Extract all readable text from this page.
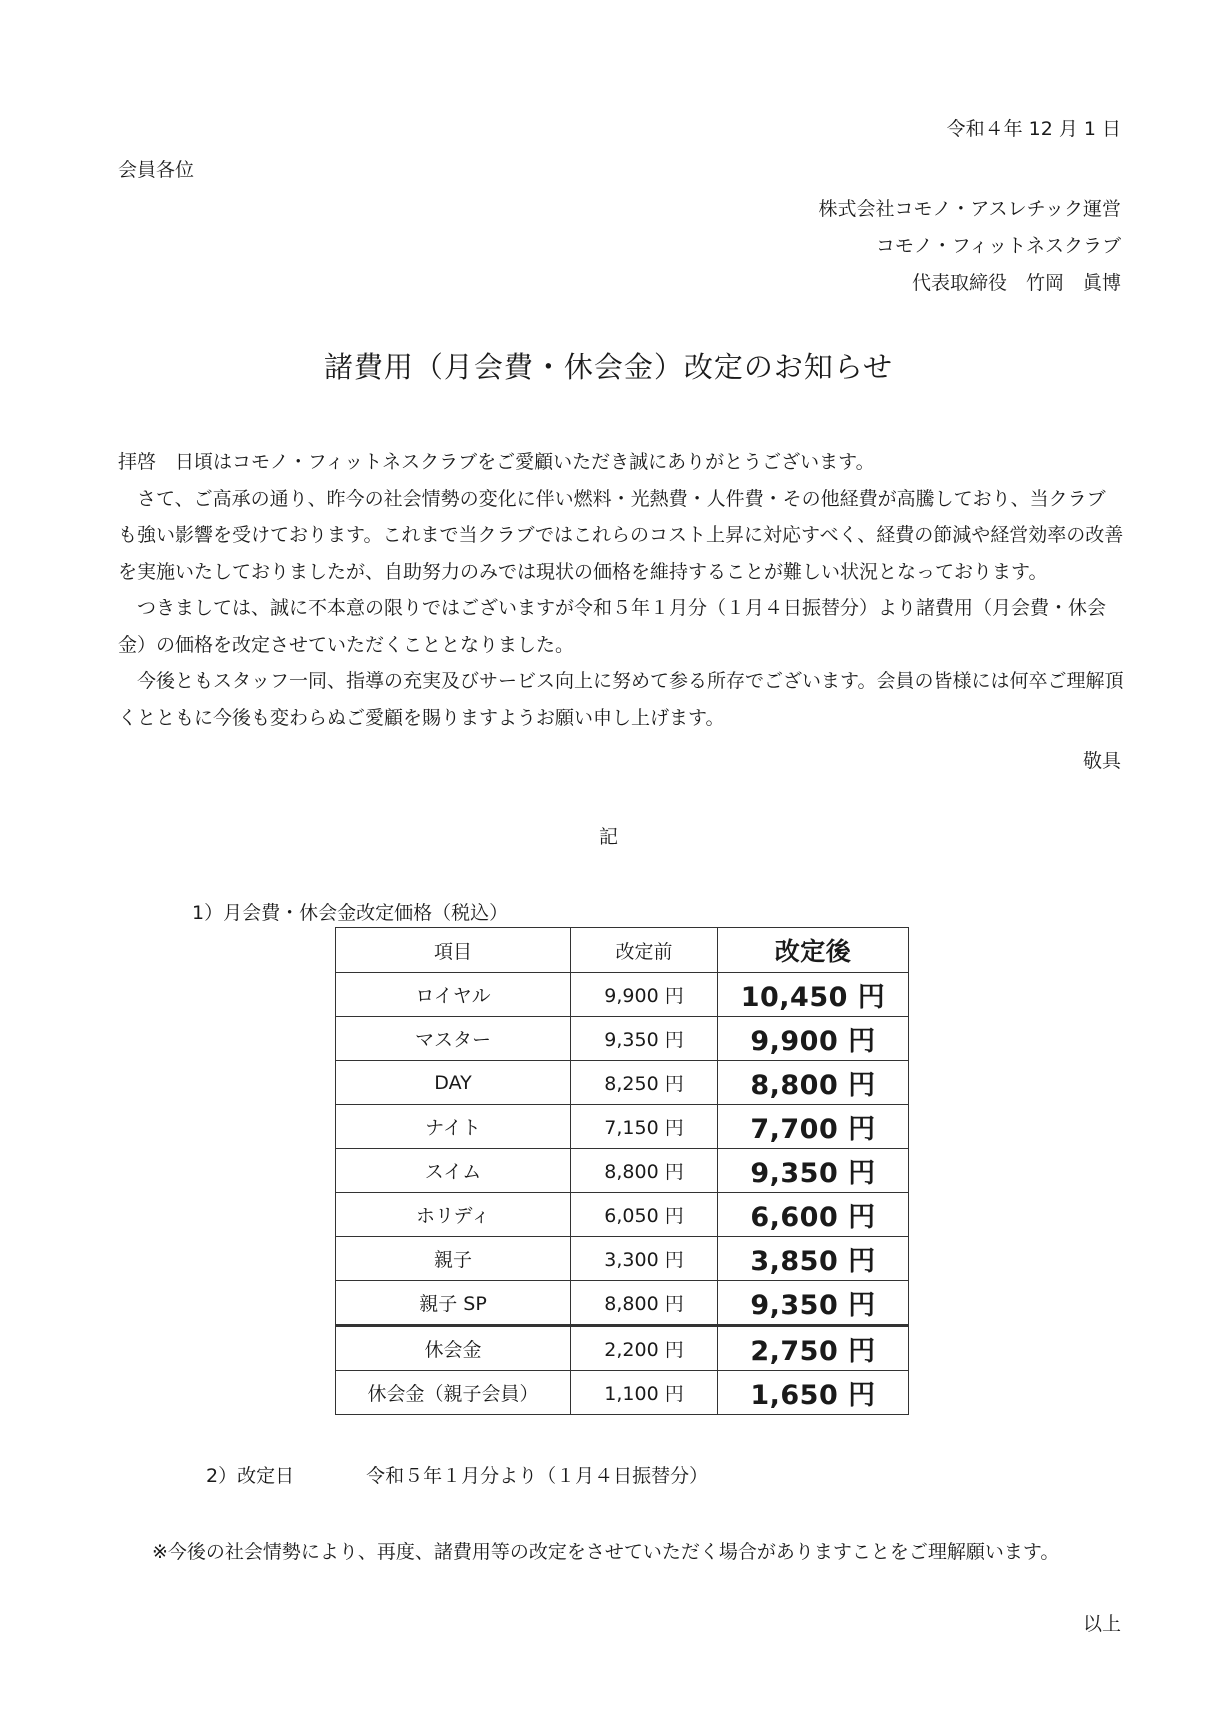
令和４年 12 月 1 日
会員各位
株式会社コモノ・アスレチック運営
コモノ・フィットネスクラブ
代表取締役　竹岡　眞博
諸費用（月会費・休会金）改定のお知らせ

拝啓　日頃はコモノ・フィットネスクラブをご愛顧いただき誠にありがとうございます。

　さて、ご高承の通り、昨今の社会情勢の変化に伴い燃料・光熱費・人件費・その他経費が高騰しており、当クラブも強い影響を受けております。これまで当クラブではこれらのコスト上昇に対応すべく、経費の節減や経営効率の改善を実施いたしておりましたが、自助努力のみでは現状の価格を維持することが難しい状況となっております。

　つきましては、誠に不本意の限りではございますが令和５年１月分（１月４日振替分）より諸費用（月会費・休会金）の価格を改定させていただくこととなりました。

　今後ともスタッフ一同、指導の充実及びサービス向上に努めて参る所存でございます。会員の皆様には何卒ご理解頂くとともに今後も変わらぬご愛顧を賜りますようお願い申し上げます。

敬具
記
1）月会費・休会金改定価格（税込）
項目	改定前	改定後
ロイヤル	9,900 円	10,450 円
マスター	9,350 円	9,900 円
DAY	8,250 円	8,800 円
ナイト	7,150 円	7,700 円
スイム	8,800 円	9,350 円
ホリディ	6,050 円	6,600 円
親子	3,300 円	3,850 円
親子 SP	8,800 円	9,350 円
休会金	2,200 円	2,750 円
休会金（親子会員）	1,100 円	1,650 円
2）改定日	令和５年１月分より（１月４日振替分）
※今後の社会情勢により、再度、諸費用等の改定をさせていただく場合がありますことをご理解願います。
以上
